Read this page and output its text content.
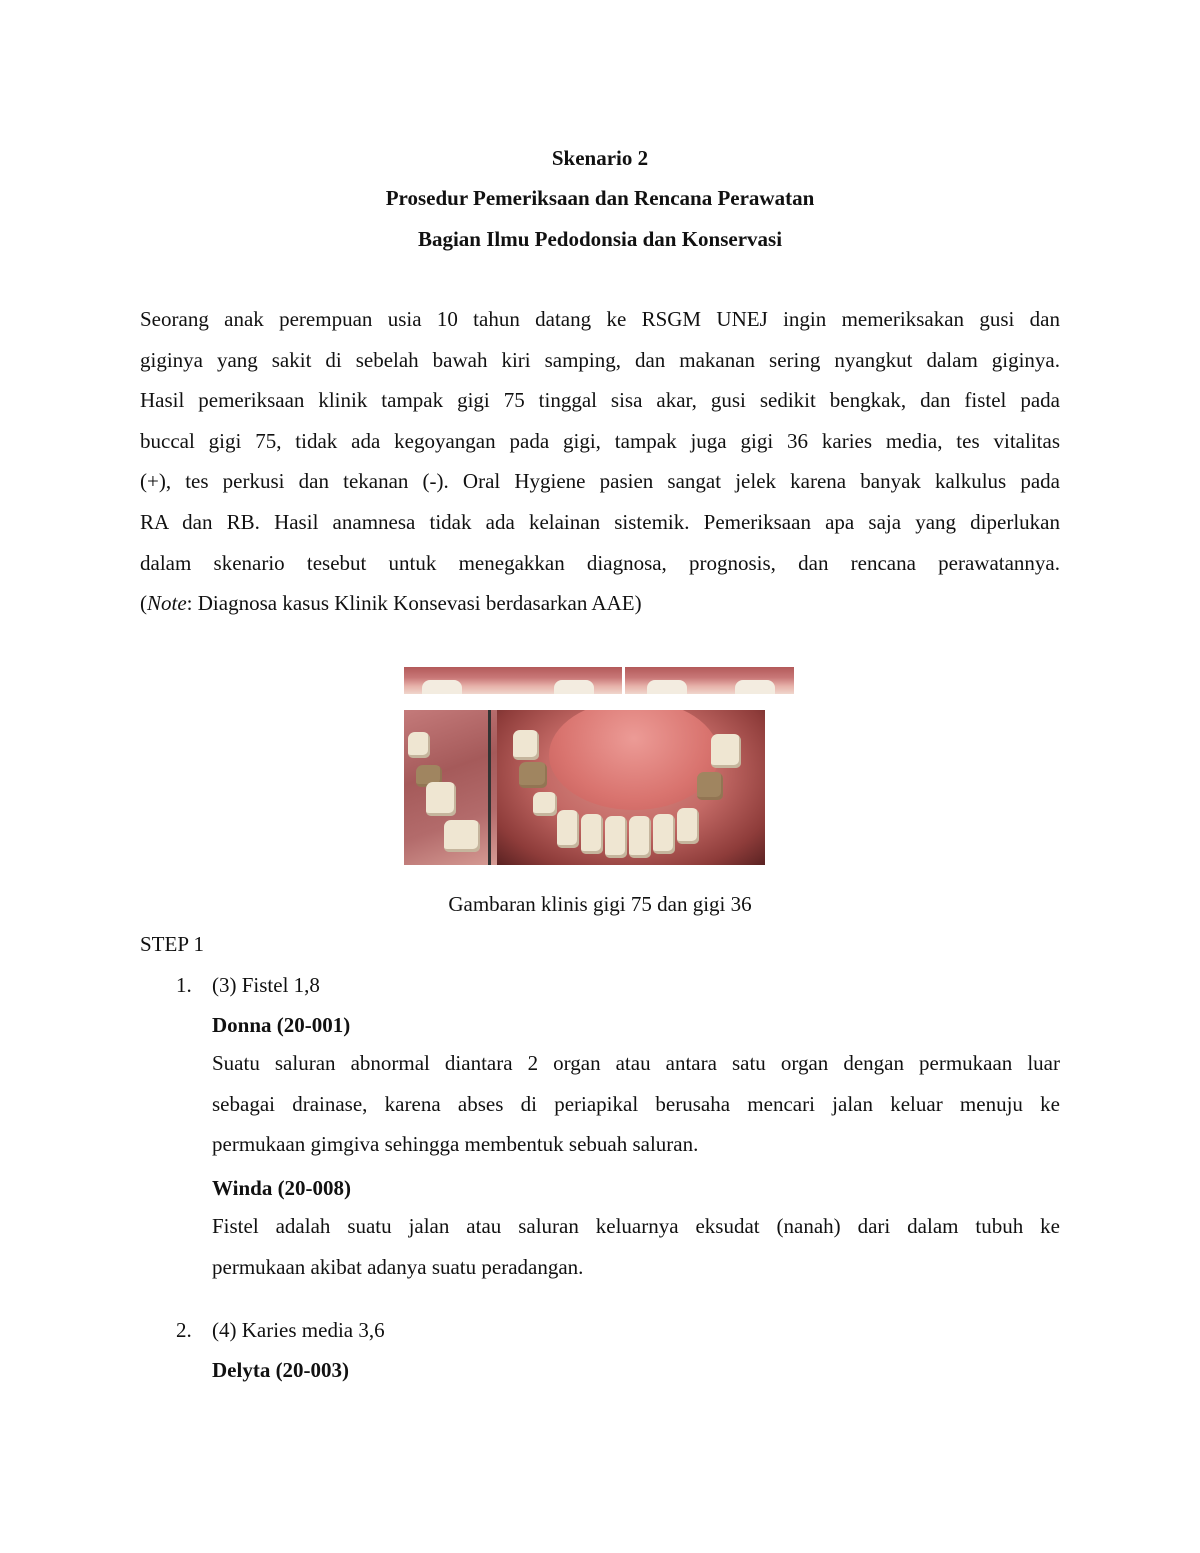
Skenario 2
Prosedur Pemeriksaan dan Rencana Perawatan
Bagian Ilmu Pedodonsia dan Konservasi
Seorang anak perempuan usia 10 tahun datang ke RSGM UNEJ ingin memeriksakan gusi dan
giginya yang sakit di sebelah bawah kiri samping, dan makanan sering nyangkut dalam giginya.
Hasil pemeriksaan klinik tampak gigi 75 tinggal sisa akar, gusi sedikit bengkak, dan fistel pada
buccal gigi 75, tidak ada kegoyangan pada gigi, tampak juga gigi 36 karies media, tes vitalitas
(+), tes perkusi dan tekanan (-). Oral Hygiene pasien sangat jelek karena banyak kalkulus pada
RA dan RB. Hasil anamnesa tidak ada kelainan sistemik. Pemeriksaan apa saja yang diperlukan
dalam skenario tesebut untuk menegakkan diagnosa, prognosis, dan rencana perawatannya.
(Note: Diagnosa kasus Klinik Konsevasi berdasarkan AAE)
Gambaran klinis gigi 75 dan gigi 36
STEP 1
1. (3) Fistel 1,8
Donna (20-001)
Suatu saluran abnormal diantara 2 organ atau antara satu organ dengan permukaan luar
sebagai drainase, karena abses di periapikal berusaha mencari jalan keluar menuju ke
permukaan gimgiva sehingga membentuk sebuah saluran.
Winda (20-008)
Fistel adalah suatu jalan atau saluran keluarnya eksudat (nanah) dari dalam tubuh ke
permukaan akibat adanya suatu peradangan.
2. (4) Karies media 3,6
Delyta (20-003)
